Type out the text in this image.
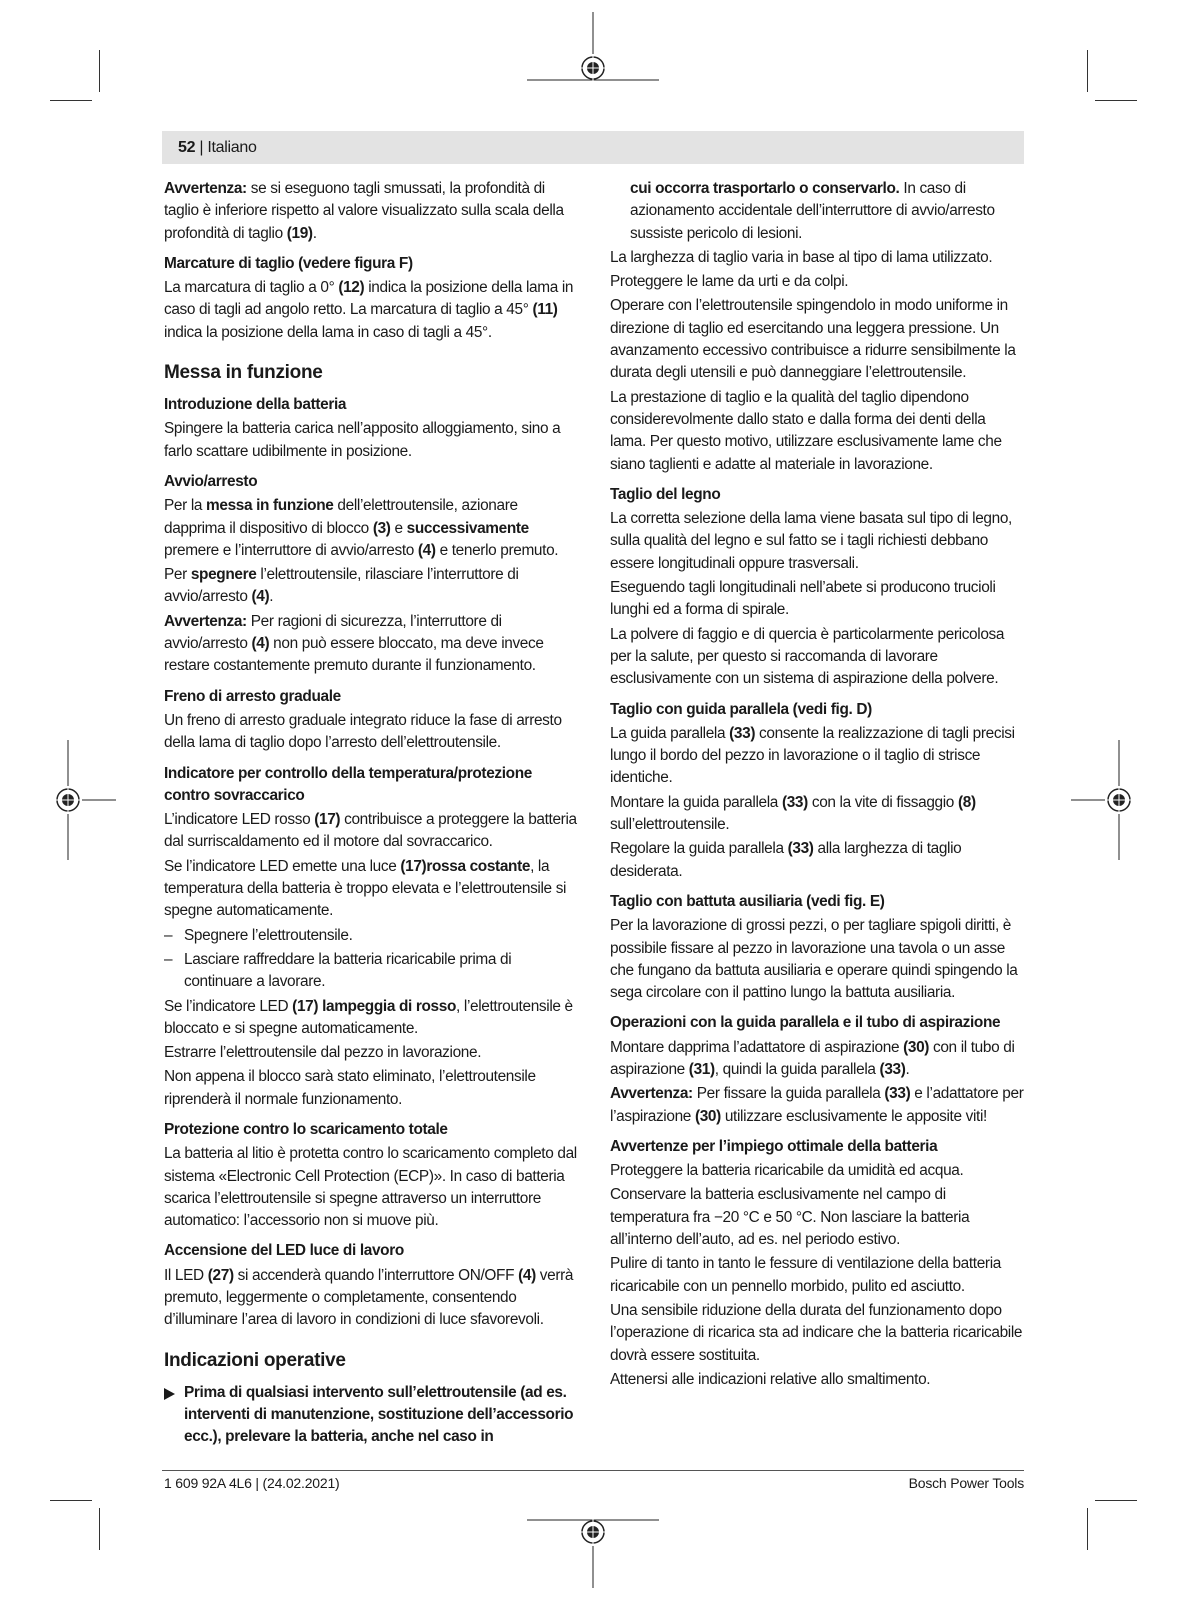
52 | Italiano

Avvertenza: se si eseguono tagli smussati, la profondità di taglio è inferiore rispetto al valore visualizzato sulla scala della profondità di taglio (19).

Marcature di taglio (vedere figura F)

La marcatura di taglio a 0° (12) indica la posizione della lama in caso di tagli ad angolo retto. La marcatura di taglio a 45° (11) indica la posizione della lama in caso di tagli a 45°.

Messa in funzione
Introduzione della batteria

Spingere la batteria carica nell’apposito alloggiamento, sino a farlo scattare udibilmente in posizione.

Avvio/arresto

Per la messa in funzione dell’elettroutensile, azionare dapprima il dispositivo di blocco (3) e successivamente premere e l’interruttore di avvio/arresto (4) e tenerlo premuto.

Per spegnere l’elettroutensile, rilasciare l’interruttore di avvio/arresto (4).

Avvertenza: Per ragioni di sicurezza, l’interruttore di avvio/arresto (4) non può essere bloccato, ma deve invece restare costantemente premuto durante il funzionamento.

Freno di arresto graduale

Un freno di arresto graduale integrato riduce la fase di arresto della lama di taglio dopo l’arresto dell’elettroutensile.

Indicatore per controllo della temperatura/protezione contro sovraccarico

L’indicatore LED rosso (17) contribuisce a proteggere la batteria dal surriscaldamento ed il motore dal sovraccarico.

Se l’indicatore LED emette una luce (17)rossa costante, la temperatura della batteria è troppo elevata e l’elettroutensile si spegne automaticamente.

– Spegnere l’elettroutensile.
– Lasciare raffreddare la batteria ricaricabile prima di continuare a lavorare.

Se l’indicatore LED (17) lampeggia di rosso, l’elettroutensile è bloccato e si spegne automaticamente.

Estrarre l’elettroutensile dal pezzo in lavorazione.

Non appena il blocco sarà stato eliminato, l’elettroutensile riprenderà il normale funzionamento.

Protezione contro lo scaricamento totale

La batteria al litio è protetta contro lo scaricamento completo dal sistema «Electronic Cell Protection (ECP)». In caso di batteria scarica l’elettroutensile si spegne attraverso un interruttore automatico: l’accessorio non si muove più.

Accensione del LED luce di lavoro

Il LED (27) si accenderà quando l’interruttore ON/OFF (4) verrà premuto, leggermente o completamente, consentendo d’illuminare l’area di lavoro in condizioni di luce sfavorevoli.

Indicazioni operative
Prima di qualsiasi intervento sull’elettroutensile (ad es. interventi di manutenzione, sostituzione dell’accessorio ecc.), prelevare la batteria, anche nel caso in

cui occorra trasportarlo o conservarlo. In caso di azionamento accidentale dell’interruttore di avvio/arresto sussiste pericolo di lesioni.

La larghezza di taglio varia in base al tipo di lama utilizzato.

Proteggere le lame da urti e da colpi.

Operare con l’elettroutensile spingendolo in modo uniforme in direzione di taglio ed esercitando una leggera pressione. Un avanzamento eccessivo contribuisce a ridurre sensibilmente la durata degli utensili e può danneggiare l’elettroutensile.

La prestazione di taglio e la qualità del taglio dipendono considerevolmente dallo stato e dalla forma dei denti della lama. Per questo motivo, utilizzare esclusivamente lame che siano taglienti e adatte al materiale in lavorazione.

Taglio del legno

La corretta selezione della lama viene basata sul tipo di legno, sulla qualità del legno e sul fatto se i tagli richiesti debbano essere longitudinali oppure trasversali.

Eseguendo tagli longitudinali nell’abete si producono trucioli lunghi ed a forma di spirale.

La polvere di faggio e di quercia è particolarmente pericolosa per la salute, per questo si raccomanda di lavorare esclusivamente con un sistema di aspirazione della polvere.

Taglio con guida parallela (vedi fig. D)

La guida parallela (33) consente la realizzazione di tagli precisi lungo il bordo del pezzo in lavorazione o il taglio di strisce identiche.

Montare la guida parallela (33) con la vite di fissaggio (8) sull’elettroutensile.

Regolare la guida parallela (33) alla larghezza di taglio desiderata.

Taglio con battuta ausiliaria (vedi fig. E)

Per la lavorazione di grossi pezzi, o per tagliare spigoli diritti, è possibile fissare al pezzo in lavorazione una tavola o un asse che fungano da battuta ausiliaria e operare quindi spingendo la sega circolare con il pattino lungo la battuta ausiliaria.

Operazioni con la guida parallela e il tubo di aspirazione

Montare dapprima l’adattatore di aspirazione (30) con il tubo di aspirazione (31), quindi la guida parallela (33).

Avvertenza: Per fissare la guida parallela (33) e l’adattatore per l’aspirazione (30) utilizzare esclusivamente le apposite viti!

Avvertenze per l’impiego ottimale della batteria

Proteggere la batteria ricaricabile da umidità ed acqua.

Conservare la batteria esclusivamente nel campo di temperatura fra −20 °C e 50 °C. Non lasciare la batteria all’interno dell’auto, ad es. nel periodo estivo.

Pulire di tanto in tanto le fessure di ventilazione della batteria ricaricabile con un pennello morbido, pulito ed asciutto.

Una sensibile riduzione della durata del funzionamento dopo l’operazione di ricarica sta ad indicare che la batteria ricaricabile dovrà essere sostituita.

Attenersi alle indicazioni relative allo smaltimento.

1 609 92A 4L6 | (24.02.2021)	Bosch Power Tools
